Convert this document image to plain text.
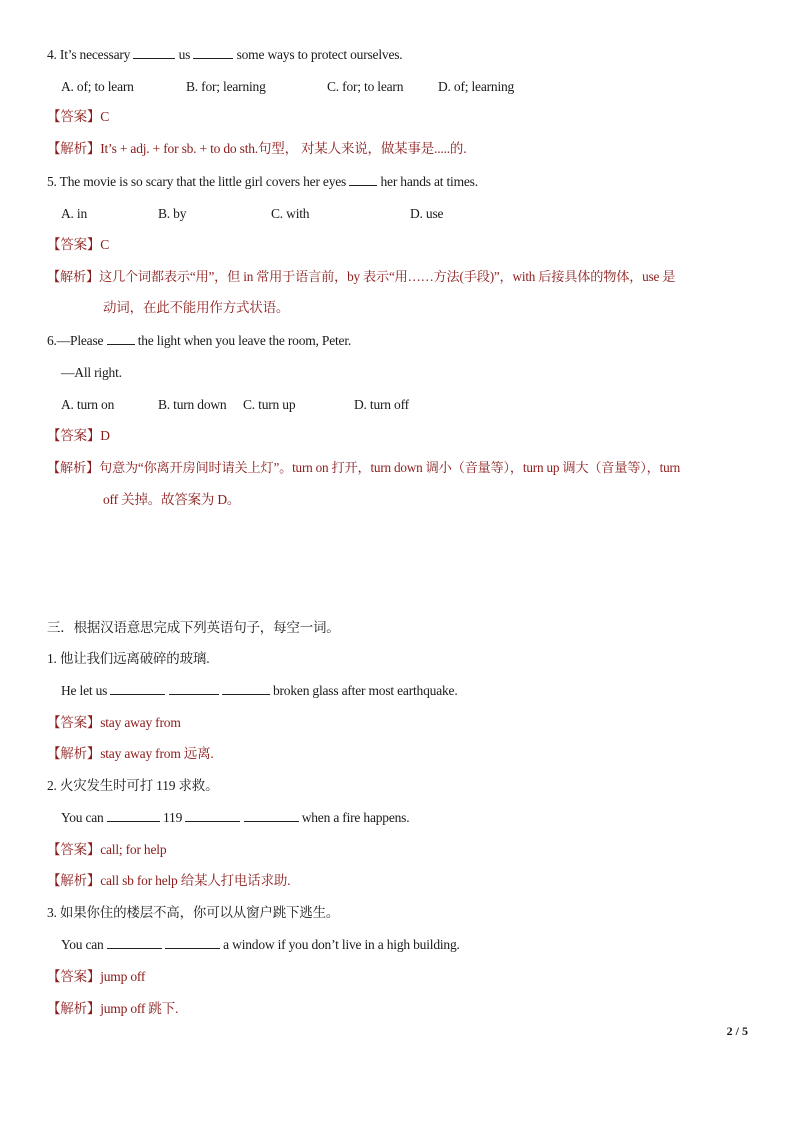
4. It’s necessary	us	some ways to protect ourselves.
A. of; to learn	B. for; learning	C. for; to learn	D. of; learning
【答案】C
【解析】It’s + adj. + for sb. + to do sth.句型， 对某人来说，做某事是.....的.
5. The movie is so scary that the little girl covers her eyes	her hands at times.
A. in	B. by	C. with	D. use
【答案】C
【解析】这几个词都表示“用”，但 in 常用于语言前，by 表示“用……方法(手段)”，with 后接具体的物体，use 是
动词，在此不能用作方式状语。
6.—Please	the light when you leave the room, Peter.
—All right.
A. turn on	B. turn down C. turn up	D. turn off
【答案】D
【解析】句意为“你离开房间时请关上灯”。turn on 打开，turn down 调小（音量等），turn up 调大（音量等），turn
off 关掉。故答案为 D。
三．根据汉语意思完成下列英语句子，每空一词。
1. 他让我们远离破碎的玻璃.
He let us	broken glass after most earthquake.
【答案】stay away from
【解析】stay away from 远离.
2. 火灾发生时可打 119 求救。
You can	119	when a fire happens.
【答案】call; for help
【解析】call sb for help 给某人打电话求助.
3. 如果你住的楼层不高，你可以从窗户跳下逃生。
You can	a window if you don’t live in a high building.
【答案】jump off
【解析】jump off 跳下.
2 / 5
